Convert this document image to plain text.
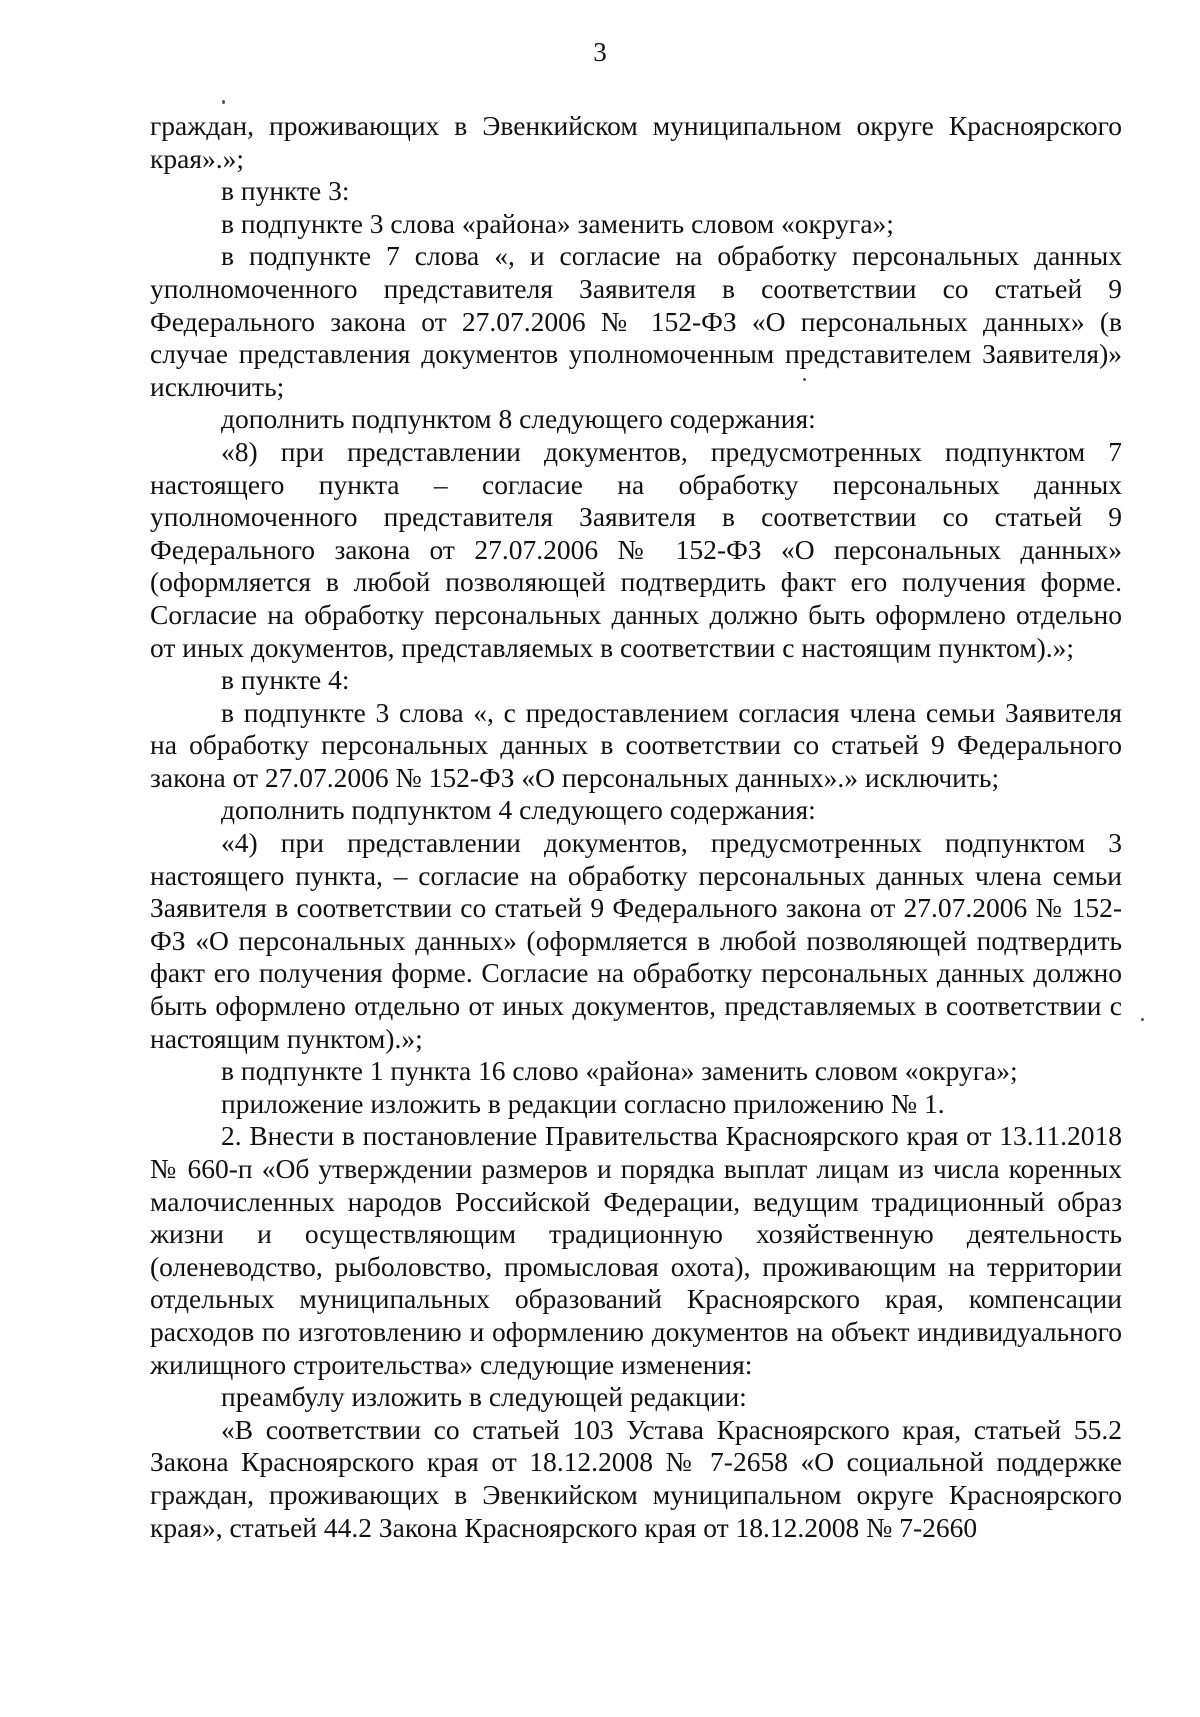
3

граждан, проживающих в Эвенкийском муниципальном округе Красноярского края».»;

в пункте 3:

в подпункте 3 слова «района» заменить словом «округа»;

в подпункте 7 слова «, и согласие на обработку персональных данных уполномоченного представителя Заявителя в соответствии со статьей 9 Федерального закона от 27.07.2006 № 152-ФЗ «О персональных данных» (в случае представления документов уполномоченным представителем Заявителя)» исключить;

дополнить подпунктом 8 следующего содержания:

«8) при представлении документов, предусмотренных подпунктом 7 настоящего пункта – согласие на обработку персональных данных уполномоченного представителя Заявителя в соответствии со статьей 9 Федерального закона от 27.07.2006 № 152-ФЗ «О персональных данных» (оформляется в любой позволяющей подтвердить факт его получения форме. Согласие на обработку персональных данных должно быть оформлено отдельно от иных документов, представляемых в соответствии с настоящим пунктом).»;

в пункте 4:

в подпункте 3 слова «, с предоставлением согласия члена семьи Заявителя на обработку персональных данных в соответствии со статьей 9 Федерального закона от 27.07.2006 № 152-ФЗ «О персональных данных».» исключить;

дополнить подпунктом 4 следующего содержания:

«4) при представлении документов, предусмотренных подпунктом 3 настоящего пункта, – согласие на обработку персональных данных члена семьи Заявителя в соответствии со статьей 9 Федерального закона от 27.07.2006 № 152-ФЗ «О персональных данных» (оформляется в любой позволяющей подтвердить факт его получения форме. Согласие на обработку персональных данных должно быть оформлено отдельно от иных документов, представляемых в соответствии с настоящим пунктом).»;

в подпункте 1 пункта 16 слово «района» заменить словом «округа»;

приложение изложить в редакции согласно приложению № 1.

2. Внести в постановление Правительства Красноярского края от 13.11.2018 № 660-п «Об утверждении размеров и порядка выплат лицам из числа коренных малочисленных народов Российской Федерации, ведущим традиционный образ жизни и осуществляющим традиционную хозяйственную деятельность (оленеводство, рыболовство, промысловая охота), проживающим на территории отдельных муниципальных образований Красноярского края, компенсации расходов по изготовлению и оформлению документов на объект индивидуального жилищного строительства» следующие изменения:

преамбулу изложить в следующей редакции:

«В соответствии со статьей 103 Устава Красноярского края, статьей 55.2 Закона Красноярского края от 18.12.2008 № 7-2658 «О социальной поддержке граждан, проживающих в Эвенкийском муниципальном округе Красноярского края», статьей 44.2 Закона Красноярского края от 18.12.2008 № 7-2660
